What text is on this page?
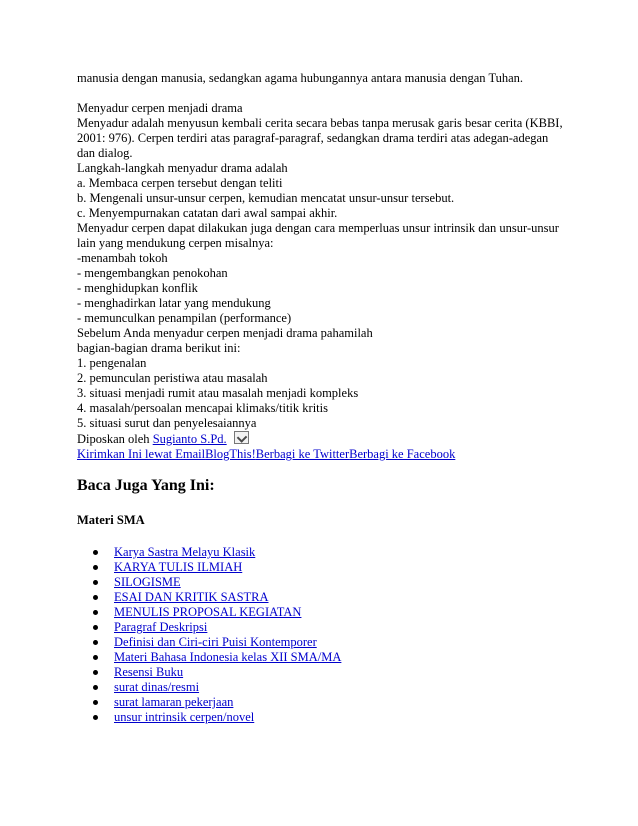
manusia dengan manusia, sedangkan agama hubungannya antara manusia dengan Tuhan.
Menyadur cerpen menjadi drama
Menyadur adalah menyusun kembali cerita secara bebas tanpa merusak garis besar cerita (KBBI,
2001: 976). Cerpen terdiri atas paragraf-paragraf, sedangkan drama terdiri atas adegan-adegan
dan dialog.
Langkah-langkah menyadur drama adalah
a. Membaca cerpen tersebut dengan teliti
b. Mengenali unsur-unsur cerpen, kemudian mencatat unsur-unsur tersebut.
c. Menyempurnakan catatan dari awal sampai akhir.
Menyadur cerpen dapat dilakukan juga dengan cara memperluas unsur intrinsik dan unsur-unsur
lain yang mendukung cerpen misalnya:
-menambah tokoh
- mengembangkan penokohan
- menghidupkan konflik
- menghadirkan latar yang mendukung
- memunculkan penampilan (performance)
Sebelum Anda menyadur cerpen menjadi drama pahamilah
bagian-bagian drama berikut ini:
1. pengenalan
2. pemunculan peristiwa atau masalah
3. situasi menjadi rumit atau masalah menjadi kompleks
4. masalah/persoalan mencapai klimaks/titik kritis
5. situasi surut dan penyelesaiannya
Diposkan oleh Sugianto S.Pd.
Kirimkan Ini lewat EmailBlogThis!Berbagi ke TwitterBerbagi ke Facebook
Baca Juga Yang Ini:
Materi SMA
Karya Sastra Melayu Klasik
KARYA TULIS ILMIAH
SILOGISME
ESAI DAN KRITIK SASTRA
MENULIS PROPOSAL KEGIATAN
Paragraf Deskripsi
Definisi dan Ciri-ciri Puisi Kontemporer
Materi Bahasa Indonesia kelas XII SMA/MA
Resensi Buku
surat dinas/resmi
surat lamaran pekerjaan
unsur intrinsik cerpen/novel
